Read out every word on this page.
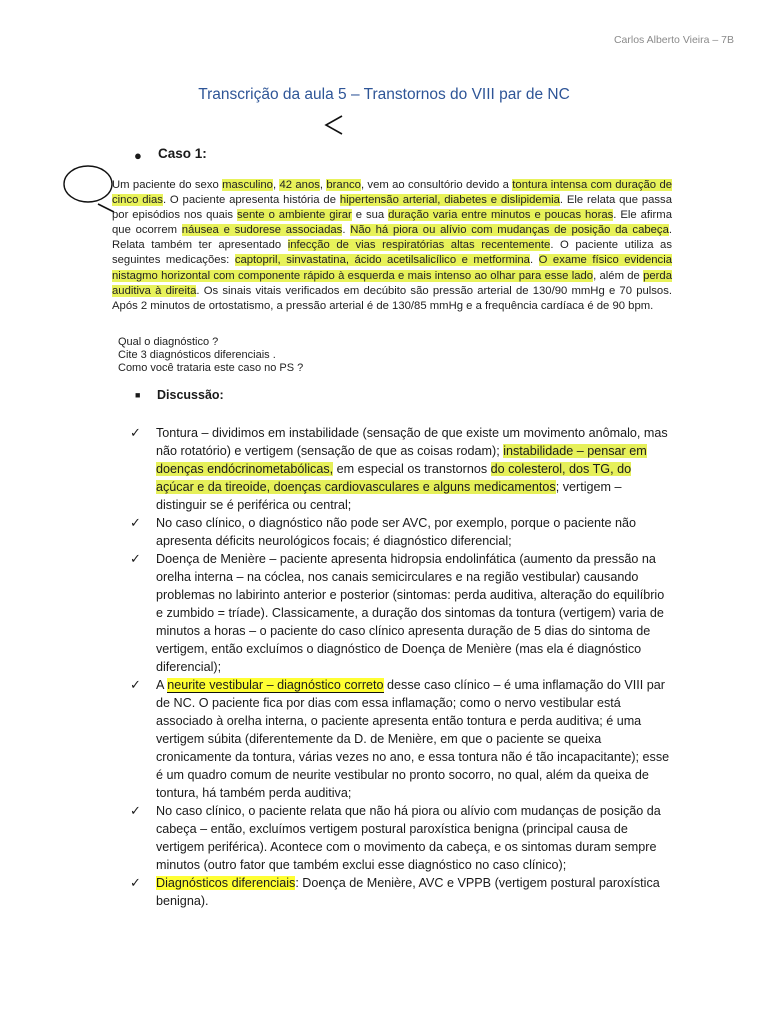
Carlos Alberto Vieira – 7B
Transcrição da aula 5 – Transtornos do VIII par de NC
● Caso 1:
Um paciente do sexo masculino, 42 anos, branco, vem ao consultório devido a tontura intensa com duração de cinco dias. O paciente apresenta história de hipertensão arterial, diabetes e dislipidemia. Ele relata que passa por episódios nos quais sente o ambiente girar e sua duração varia entre minutos e poucas horas. Ele afirma que ocorrem náusea e sudorese associadas. Não há piora ou alívio com mudanças de posição da cabeça. Relata também ter apresentado infecção de vias respiratórias altas recentemente. O paciente utiliza as seguintes medicações: captopril, sinvastatina, ácido acetilsalicílico e metformina. O exame físico evidencia nistagmo horizontal com componente rápido à esquerda e mais intenso ao olhar para esse lado, além de perda auditiva à direita. Os sinais vitais verificados em decúbito são pressão arterial de 130/90 mmHg e 70 pulsos. Após 2 minutos de ortostatismo, a pressão arterial é de 130/85 mmHg e a frequência cardíaca é de 90 bpm.
Qual o diagnóstico ?
Cite 3 diagnósticos diferenciais .
Como você trataria este caso no PS ?
■ Discussão:

✓ Tontura – dividimos em instabilidade (sensação de que existe um movimento anômalo, mas não rotatório) e vertigem (sensação de que as coisas rodam); instabilidade – pensar em doenças endócrinometabólicas, em especial os transtornos do colesterol, dos TG, do açúcar e da tireoide, doenças cardiovasculares e alguns medicamentos; vertigem – distinguir se é periférica ou central;

✓ No caso clínico, o diagnóstico não pode ser AVC, por exemplo, porque o paciente não apresenta déficits neurológicos focais; é diagnóstico diferencial;

✓ Doença de Menière – paciente apresenta hidropsia endolinfática (aumento da pressão na orelha interna – na cóclea, nos canais semicirculares e na região vestibular) causando problemas no labirinto anterior e posterior (sintomas: perda auditiva, alteração do equilíbrio e zumbido = tríade). Classicamente, a duração dos sintomas da tontura (vertigem) varia de minutos a horas – o paciente do caso clínico apresenta duração de 5 dias do sintoma de vertigem, então excluímos o diagnóstico de Doença de Menière (mas ela é diagnóstico diferencial);

✓ A neurite vestibular – diagnóstico correto desse caso clínico – é uma inflamação do VIII par de NC. O paciente fica por dias com essa inflamação; como o nervo vestibular está associado à orelha interna, o paciente apresenta então tontura e perda auditiva; é uma vertigem súbita (diferentemente da D. de Menière, em que o paciente se queixa cronicamente da tontura, várias vezes no ano, e essa tontura não é tão incapacitante); esse é um quadro comum de neurite vestibular no pronto socorro, no qual, além da queixa de tontura, há também perda auditiva;

✓ No caso clínico, o paciente relata que não há piora ou alívio com mudanças de posição da cabeça – então, excluímos vertigem postural paroxística benigna (principal causa de vertigem periférica). Acontece com o movimento da cabeça, e os sintomas duram sempre minutos (outro fator que também exclui esse diagnóstico no caso clínico);

✓ Diagnósticos diferenciais: Doença de Menière, AVC e VPPB (vertigem postural paroxística benigna).
